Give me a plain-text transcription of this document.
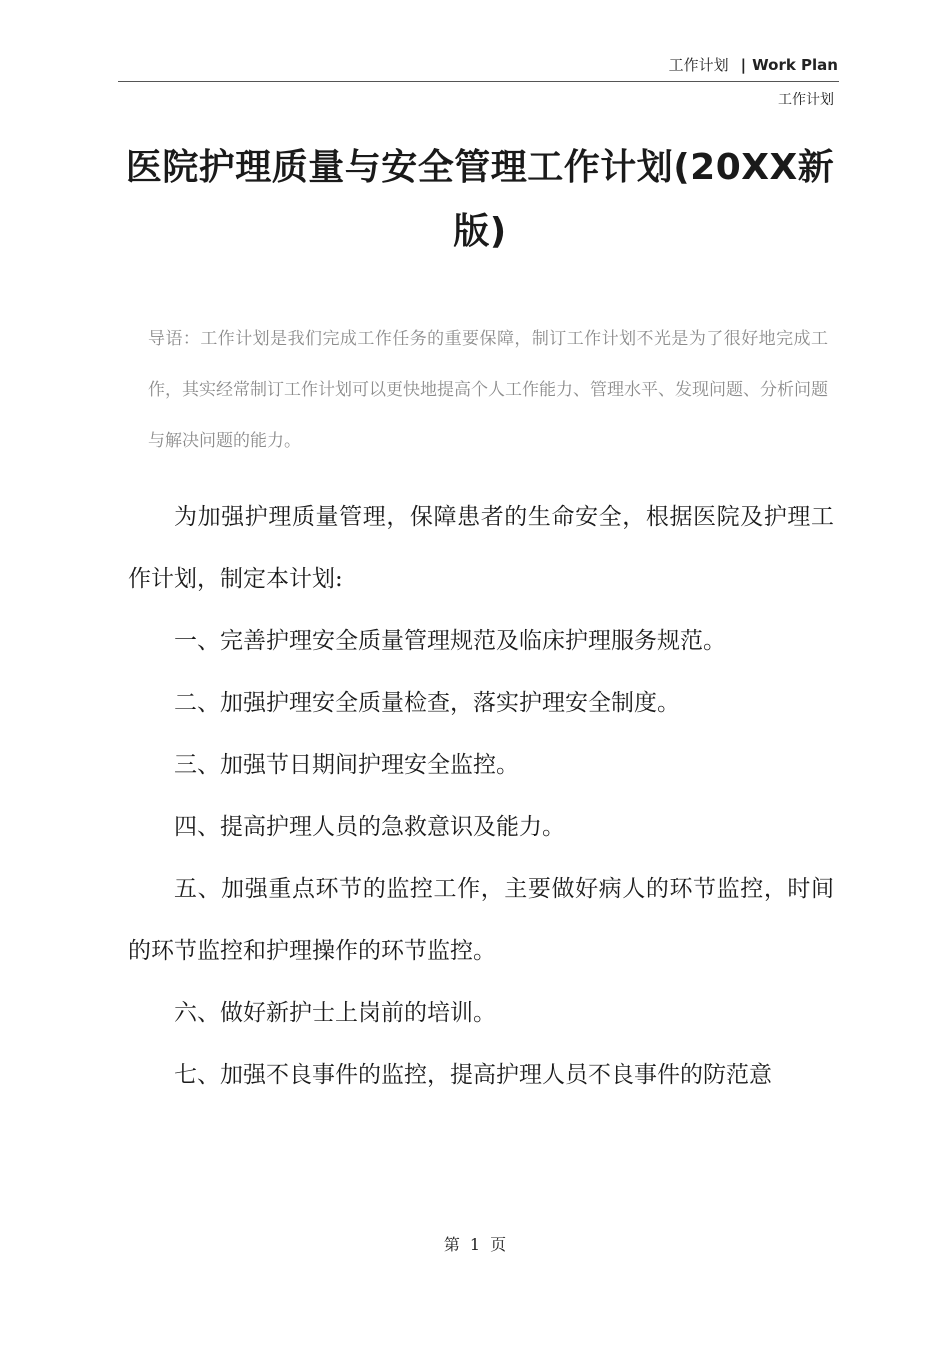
工作计划 | Work Plan
工作计划
医院护理质量与安全管理工作计划(20XX新版)
导语：工作计划是我们完成工作任务的重要保障，制订工作计划不光是为了很好地完成工作，其实经常制订工作计划可以更快地提高个人工作能力、管理水平、发现问题、分析问题与解决问题的能力。

为加强护理质量管理，保障患者的生命安全，根据医院及护理工作计划，制定本计划:

一、完善护理安全质量管理规范及临床护理服务规范。

二、加强护理安全质量检查，落实护理安全制度。

三、加强节日期间护理安全监控。

四、提高护理人员的急救意识及能力。

五、加强重点环节的监控工作，主要做好病人的环节监控，时间的环节监控和护理操作的环节监控。

六、做好新护士上岗前的培训。

七、加强不良事件的监控，提高护理人员不良事件的防范意

第 1 页
